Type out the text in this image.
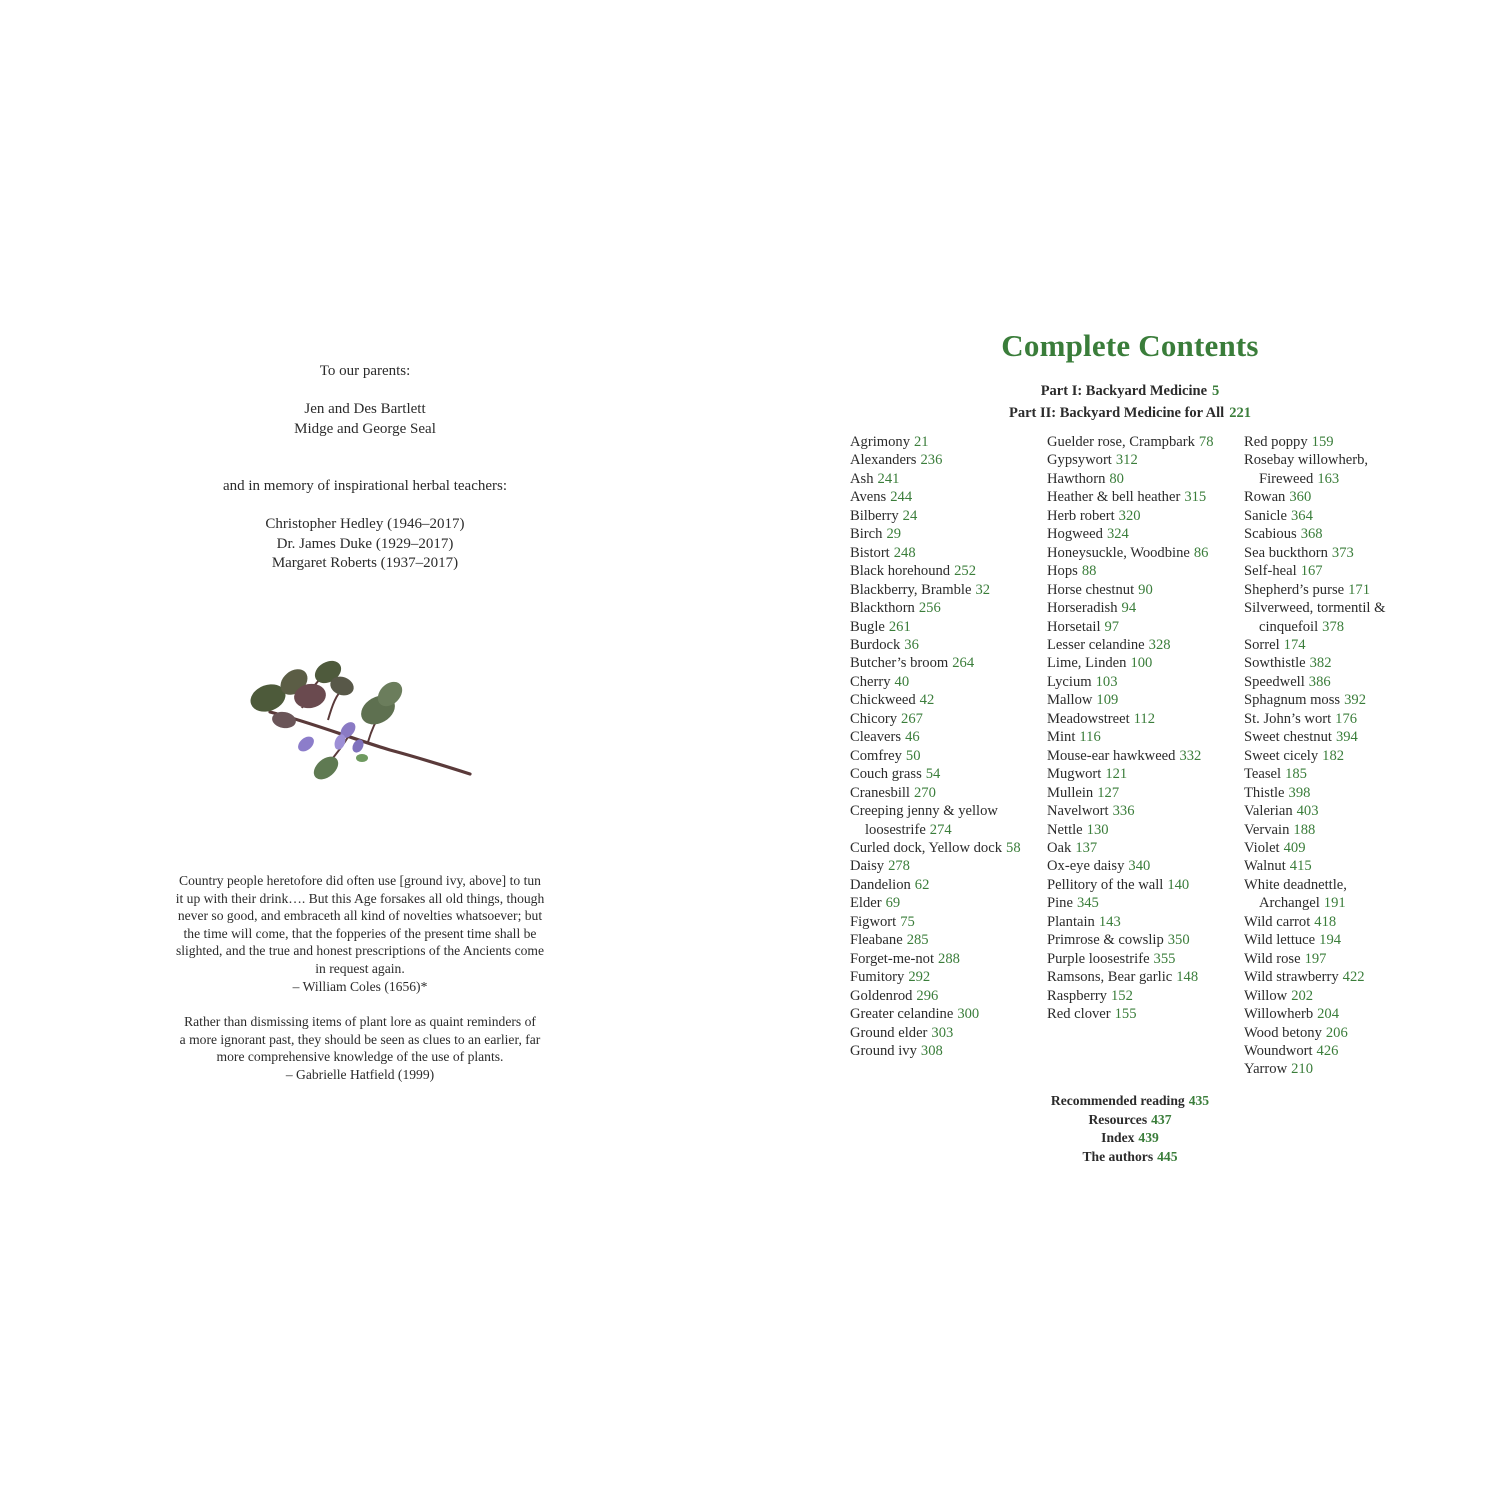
To our parents:
Jen and Des Bartlett
Midge and George Seal
and in memory of inspirational herbal teachers:
Christopher Hedley (1946–2017)
Dr. James Duke (1929–2017)
Margaret Roberts (1937–2017)
Country people heretofore did often use [ground ivy, above] to tun
it up with their drink…. But this Age forsakes all old things, though
never so good, and embraceth all kind of novelties whatsoever; but
the time will come, that the fopperies of the present time shall be
slighted, and the true and honest prescriptions of the Ancients come
in request again.
– William Coles (1656)*
Rather than dismissing items of plant lore as quaint reminders of
a more ignorant past, they should be seen as clues to an earlier, far
more comprehensive knowledge of the use of plants.
– Gabrielle Hatfield (1999)
Complete Contents
Part I: Backyard Medicine 5
Part II: Backyard Medicine for All 221
Agrimony 21
Alexanders 236
Ash 241
Avens 244
Bilberry 24
Birch 29
Bistort 248
Black horehound 252
Blackberry, Bramble 32
Blackthorn 256
Bugle 261
Burdock 36
Butcher’s broom 264
Cherry 40
Chickweed 42
Chicory 267
Cleavers 46
Comfrey 50
Couch grass 54
Cranesbill 270
Creeping jenny & yellow loosestrife 274
Curled dock, Yellow dock 58
Daisy 278
Dandelion 62
Elder 69
Figwort 75
Fleabane 285
Forget-me-not 288
Fumitory 292
Goldenrod 296
Greater celandine 300
Ground elder 303
Ground ivy 308
Guelder rose, Crampbark 78
Gypsywort 312
Hawthorn 80
Heather & bell heather 315
Herb robert 320
Hogweed 324
Honeysuckle, Woodbine 86
Hops 88
Horse chestnut 90
Horseradish 94
Horsetail 97
Lesser celandine 328
Lime, Linden 100
Lycium 103
Mallow 109
Meadowstreet 112
Mint 116
Mouse-ear hawkweed 332
Mugwort 121
Mullein 127
Navelwort 336
Nettle 130
Oak 137
Ox-eye daisy 340
Pellitory of the wall 140
Pine 345
Plantain 143
Primrose & cowslip 350
Purple loosestrife 355
Ramsons, Bear garlic 148
Raspberry 152
Red clover 155
Red poppy 159
Rosebay willowherb, Fireweed 163
Rowan 360
Sanicle 364
Scabious 368
Sea buckthorn 373
Self-heal 167
Shepherd’s purse 171
Silverweed, tormentil & cinquefoil 378
Sorrel 174
Sowthistle 382
Speedwell 386
Sphagnum moss 392
St. John’s wort 176
Sweet chestnut 394
Sweet cicely 182
Teasel 185
Thistle 398
Valerian 403
Vervain 188
Violet 409
Walnut 415
White deadnettle, Archangel 191
Wild carrot 418
Wild lettuce 194
Wild rose 197
Wild strawberry 422
Willow 202
Willowherb 204
Wood betony 206
Woundwort 426
Yarrow 210
Recommended reading 435
Resources 437
Index 439
The authors 445
